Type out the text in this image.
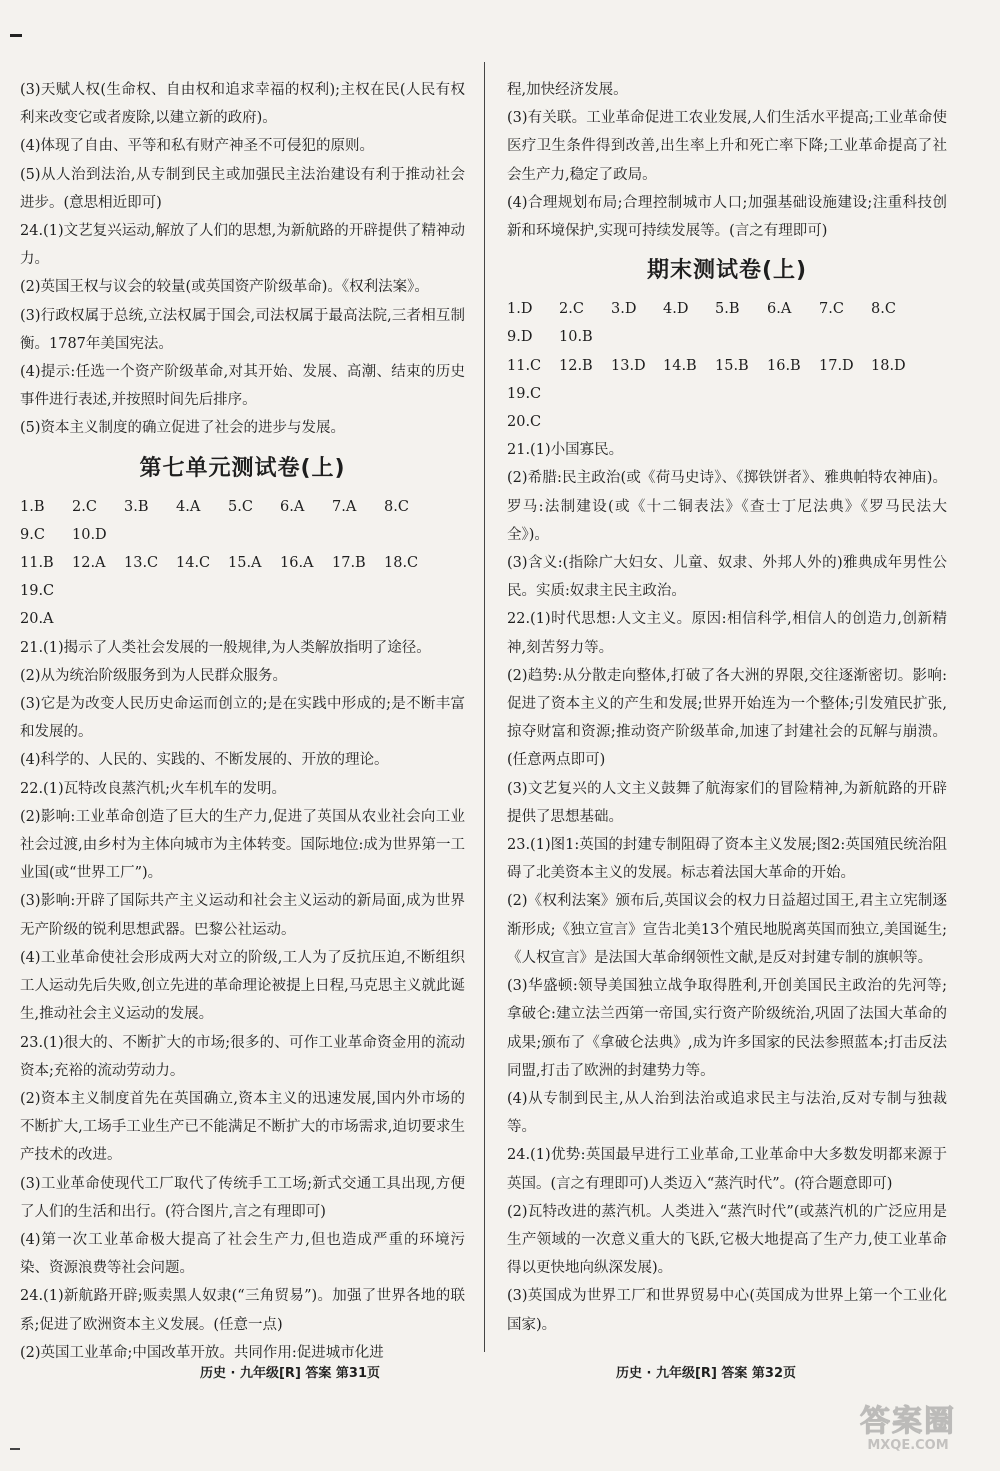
(3)天赋人权(生命权、自由权和追求幸福的权利);主权在民(人民有权利来改变它或者废除,以建立新的政府)。

(4)体现了自由、平等和私有财产神圣不可侵犯的原则。

(5)从人治到法治,从专制到民主或加强民主法治建设有利于推动社会进步。(意思相近即可)

24.(1)文艺复兴运动,解放了人们的思想,为新航路的开辟提供了精神动力。

(2)英国王权与议会的较量(或英国资产阶级革命)。《权利法案》。

(3)行政权属于总统,立法权属于国会,司法权属于最高法院,三者相互制衡。1787年美国宪法。

(4)提示:任选一个资产阶级革命,对其开始、发展、高潮、结束的历史事件进行表述,并按照时间先后排序。

(5)资本主义制度的确立促进了社会的进步与发展。

第七单元测试卷(上)
1.B	2.C	3.B	4.A	5.C	6.A	7.A	8.C
9.C	10.D
11.B	12.A	13.C	14.C	15.A	16.A	17.B	18.C
19.C
20.A

21.(1)揭示了人类社会发展的一般规律,为人类解放指明了途径。

(2)从为统治阶级服务到为人民群众服务。

(3)它是为改变人民历史命运而创立的;是在实践中形成的;是不断丰富和发展的。

(4)科学的、人民的、实践的、不断发展的、开放的理论。

22.(1)瓦特改良蒸汽机;火车机车的发明。

(2)影响:工业革命创造了巨大的生产力,促进了英国从农业社会向工业社会过渡,由乡村为主体向城市为主体转变。国际地位:成为世界第一工业国(或“世界工厂”)。

(3)影响:开辟了国际共产主义运动和社会主义运动的新局面,成为世界无产阶级的锐利思想武器。巴黎公社运动。

(4)工业革命使社会形成两大对立的阶级,工人为了反抗压迫,不断组织工人运动先后失败,创立先进的革命理论被提上日程,马克思主义就此诞生,推动社会主义运动的发展。

23.(1)很大的、不断扩大的市场;很多的、可作工业革命资金用的流动资本;充裕的流动劳动力。

(2)资本主义制度首先在英国确立,资本主义的迅速发展,国内外市场的不断扩大,工场手工业生产已不能满足不断扩大的市场需求,迫切要求生产技术的改进。

(3)工业革命使现代工厂取代了传统手工工场;新式交通工具出现,方便了人们的生活和出行。(符合图片,言之有理即可)

(4)第一次工业革命极大提高了社会生产力,但也造成严重的环境污染、资源浪费等社会问题。

24.(1)新航路开辟;贩卖黑人奴隶(“三角贸易”)。加强了世界各地的联系;促进了欧洲资本主义发展。(任意一点)

(2)英国工业革命;中国改革开放。共同作用:促进城市化进

程,加快经济发展。

(3)有关联。工业革命促进工农业发展,人们生活水平提高;工业革命使医疗卫生条件得到改善,出生率上升和死亡率下降;工业革命提高了社会生产力,稳定了政局。

(4)合理规划布局;合理控制城市人口;加强基础设施建设;注重科技创新和环境保护,实现可持续发展等。(言之有理即可)

期末测试卷(上)
1.D	2.C	3.D	4.D	5.B	6.A	7.C	8.C
9.D	10.B
11.C	12.B	13.D	14.B	15.B	16.B	17.D	18.D
19.C
20.C

21.(1)小国寡民。

(2)希腊:民主政治(或《荷马史诗》、《掷铁饼者》、雅典帕特农神庙)。罗马:法制建设(或《十二铜表法》《查士丁尼法典》《罗马民法大全》)。

(3)含义:(指除广大妇女、儿童、奴隶、外邦人外的)雅典成年男性公民。实质:奴隶主民主政治。

22.(1)时代思想:人文主义。原因:相信科学,相信人的创造力,创新精神,刻苦努力等。

(2)趋势:从分散走向整体,打破了各大洲的界限,交往逐渐密切。影响:促进了资本主义的产生和发展;世界开始连为一个整体;引发殖民扩张,掠夺财富和资源;推动资产阶级革命,加速了封建社会的瓦解与崩溃。(任意两点即可)

(3)文艺复兴的人文主义鼓舞了航海家们的冒险精神,为新航路的开辟提供了思想基础。

23.(1)图1:英国的封建专制阻碍了资本主义发展;图2:英国殖民统治阻碍了北美资本主义的发展。标志着法国大革命的开始。

(2)《权利法案》颁布后,英国议会的权力日益超过国王,君主立宪制逐渐形成;《独立宣言》宣告北美13个殖民地脱离英国而独立,美国诞生;《人权宣言》是法国大革命纲领性文献,是反对封建专制的旗帜等。

(3)华盛顿:领导美国独立战争取得胜利,开创美国民主政治的先河等;拿破仑:建立法兰西第一帝国,实行资产阶级统治,巩固了法国大革命的成果;颁布了《拿破仑法典》,成为许多国家的民法参照蓝本;打击反法同盟,打击了欧洲的封建势力等。

(4)从专制到民主,从人治到法治或追求民主与法治,反对专制与独裁等。

24.(1)优势:英国最早进行工业革命,工业革命中大多数发明都来源于英国。(言之有理即可)人类迈入“蒸汽时代”。(符合题意即可)

(2)瓦特改进的蒸汽机。人类进入“蒸汽时代”(或蒸汽机的广泛应用是生产领域的一次意义重大的飞跃,它极大地提高了生产力,使工业革命得以更快地向纵深发展)。

(3)英国成为世界工厂和世界贸易中心(英国成为世界上第一个工业化国家)。

历史 · 九年级[R] 答案 第31页	历史 · 九年级[R] 答案 第32页
答案圈
MXQE.COM
